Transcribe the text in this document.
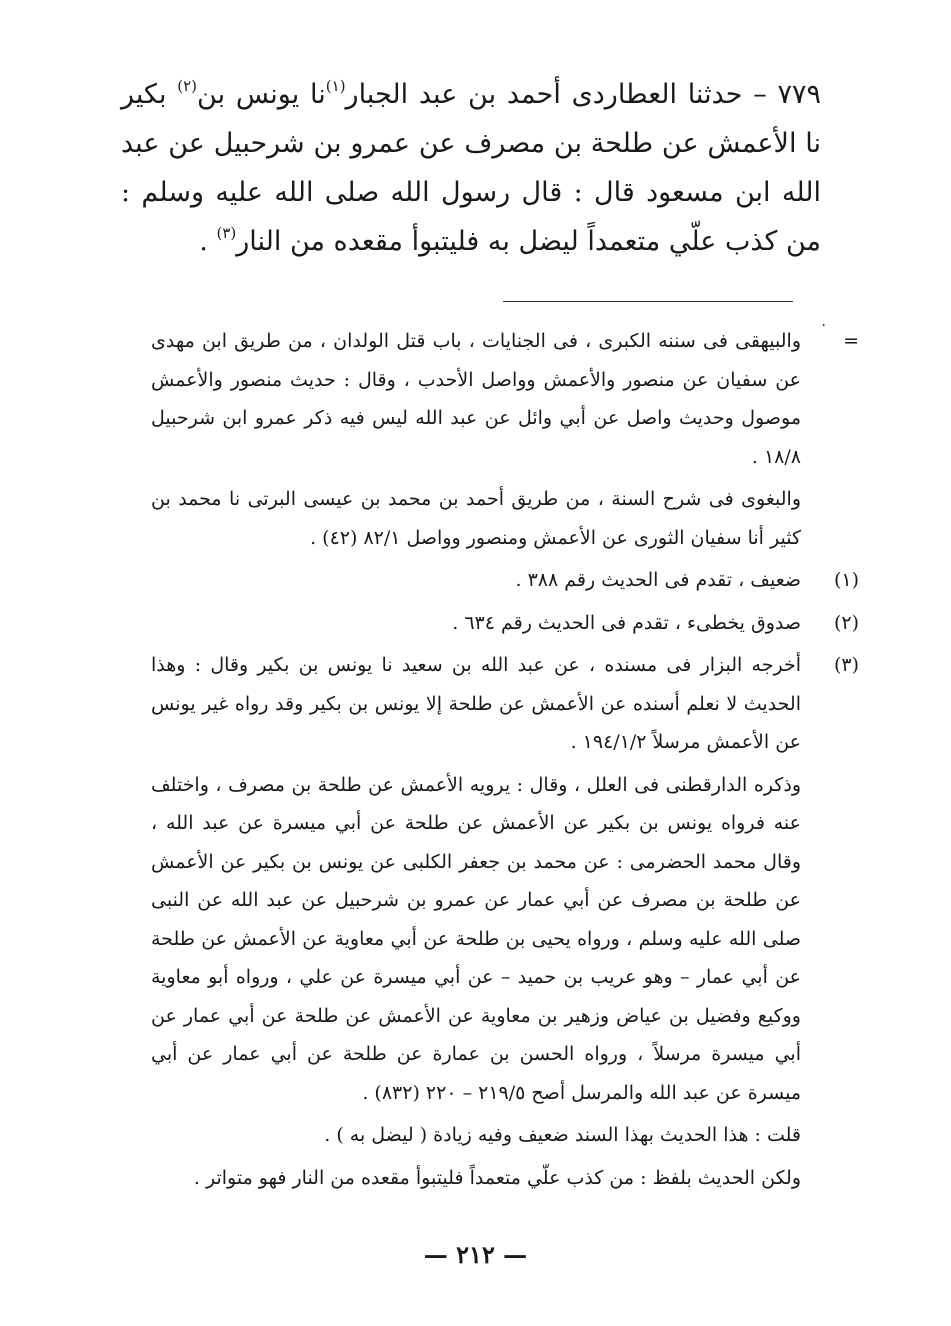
٧٧٩ – حدثنا العطاردى أحمد بن عبد الجبار$^{(١)}$نا يونس بن$^{(٢)}$ بكير نا الأعمش عن طلحة بن مصرف عن عمرو بن شرحبيل عن عبد الله ابن مسعود قال : قال رسول الله صلى الله عليه وسلم : من كذب علّي متعمداً ليضل به فليتبوأ مقعده من النار$^{(٣)}$ .

·
=

والبيهقى فى سننه الكبرى ، فى الجنايات ، باب قتل الولدان ، من طريق ابن مهدى عن سفيان عن منصور والأعمش وواصل الأحدب ، وقال : حديث منصور والأعمش موصول وحديث واصل عن أبي وائل عن عبد الله ليس فيه ذكر عمرو ابن شرحبيل ١٨/٨ .

والبغوى فى شرح السنة ، من طريق أحمد بن محمد بن عيسى البرتى نا محمد بن كثير أنا سفيان الثورى عن الأعمش ومنصور وواصل ٨٢/١ (٤٢) .

(١)

ضعيف ، تقدم فى الحديث رقم ٣٨٨ .

(٢)

صدوق يخطىء ، تقدم فى الحديث رقم ٦٣٤ .

(٣)

أخرجه البزار فى مسنده ، عن عبد الله بن سعيد نا يونس بن بكير وقال : وهذا الحديث لا نعلم أسنده عن الأعمش عن طلحة إلا يونس بن بكير وقد رواه غير يونس عن الأعمش مرسلاً ١٩٤/١/٢ .

وذكره الدارقطنى فى العلل ، وقال : يرويه الأعمش عن طلحة بن مصرف ، واختلف عنه فرواه يونس بن بكير عن الأعمش عن طلحة عن أبي ميسرة عن عبد الله ، وقال محمد الحضرمى : عن محمد بن جعفر الكلبى عن يونس بن بكير عن الأعمش عن طلحة بن مصرف عن أبي عمار عن عمرو بن شرحبيل عن عبد الله عن النبى صلى الله عليه وسلم ، ورواه يحيى بن طلحة عن أبي معاوية عن الأعمش عن طلحة عن أبي عمار – وهو عريب بن حميد – عن أبي ميسرة عن علي ، ورواه أبو معاوية ووكيع وفضيل بن عياض وزهير بن معاوية عن الأعمش عن طلحة عن أبي عمار عن أبي ميسرة مرسلاً ، ورواه الحسن بن عمارة عن طلحة عن أبي عمار عن أبي ميسرة عن عبد الله والمرسل أصح ٢١٩/٥ – ٢٢٠ (٨٣٢) .

قلت : هذا الحديث بهذا السند ضعيف وفيه زيادة ( ليضل به ) .

ولكن الحديث بلفظ : من كذب علّي متعمداً فليتبوأ مقعده من النار فهو متواتر .

— ٢١٢ —
